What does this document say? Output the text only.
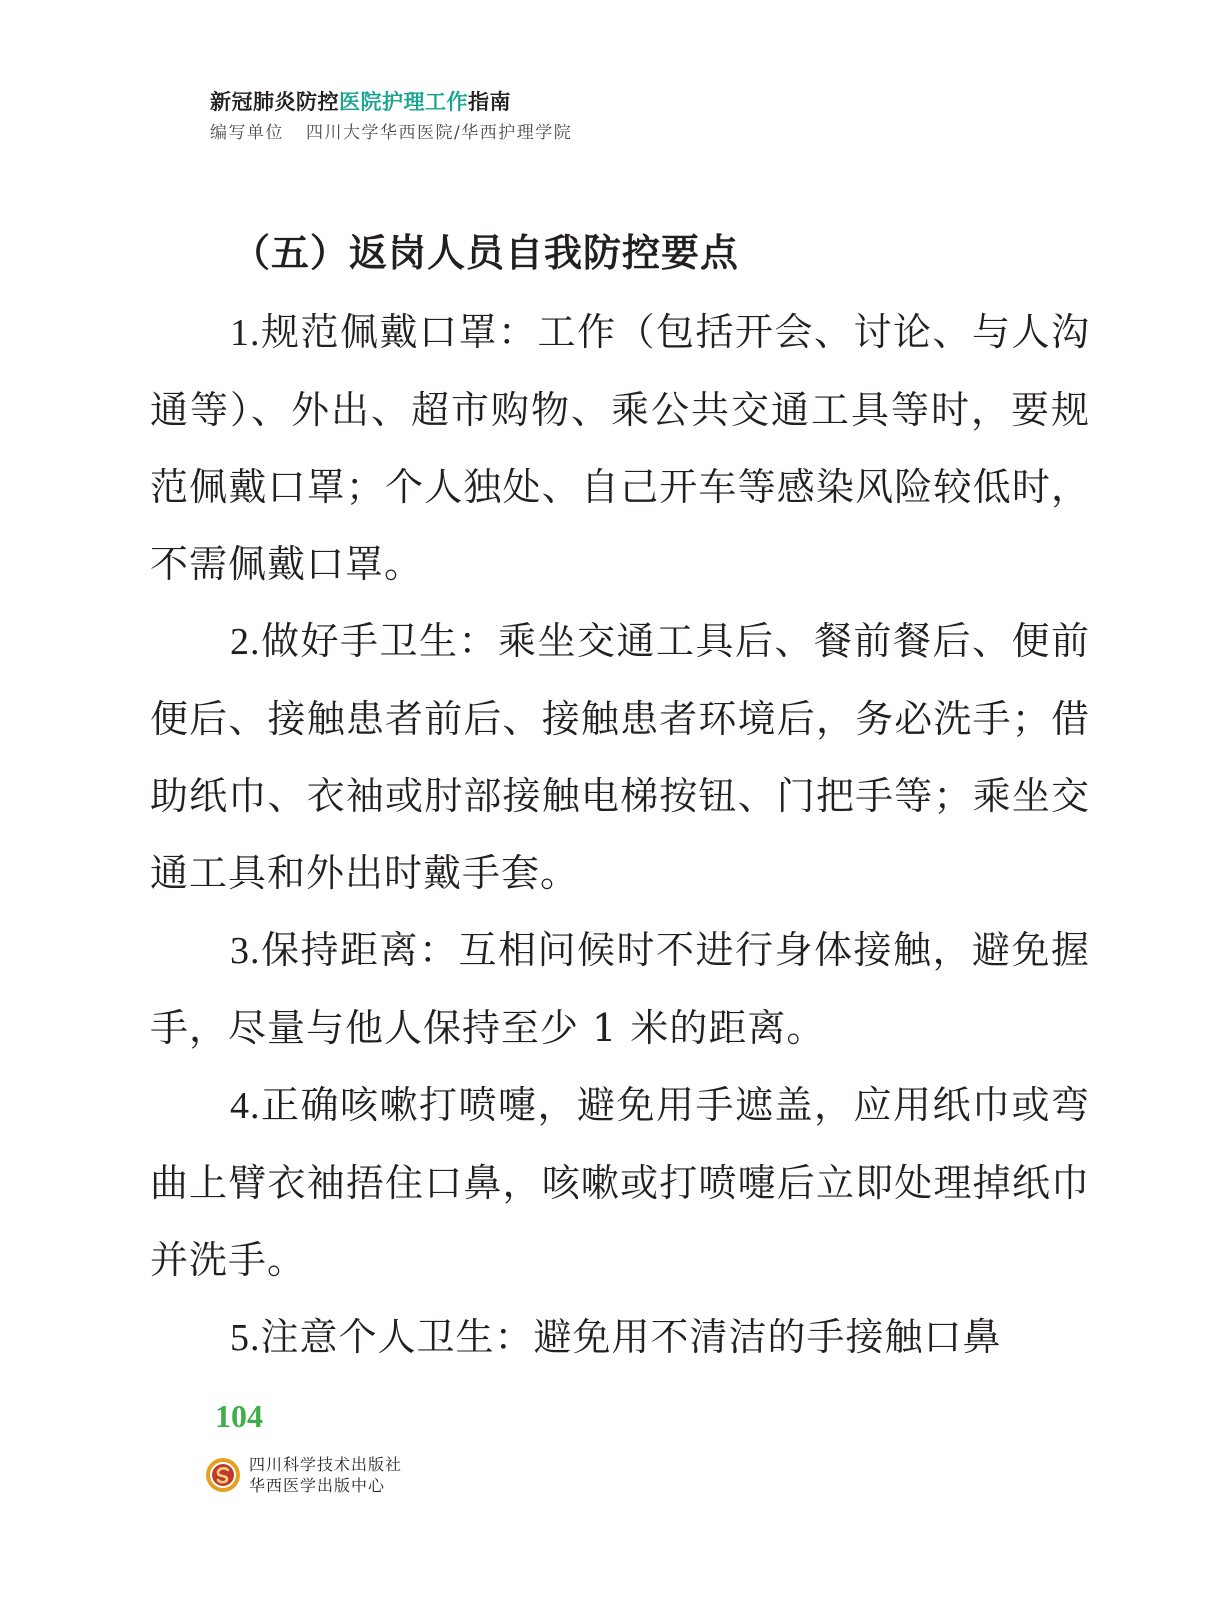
新冠肺炎防控医院护理工作指南
编写单位 四川大学华西医院/华西护理学院
（五）返岗人员自我防控要点

1.规范佩戴口罩：工作（包括开会、讨论、与人沟通等）、外出、超市购物、乘公共交通工具等时，要规范佩戴口罩；个人独处、自己开车等感染风险较低时，不需佩戴口罩。

2.做好手卫生：乘坐交通工具后、餐前餐后、便前便后、接触患者前后、接触患者环境后，务必洗手；借助纸巾、衣袖或肘部接触电梯按钮、门把手等；乘坐交通工具和外出时戴手套。

3.保持距离：互相问候时不进行身体接触，避免握手，尽量与他人保持至少 1 米的距离。

4.正确咳嗽打喷嚏，避免用手遮盖，应用纸巾或弯曲上臂衣袖捂住口鼻，咳嗽或打喷嚏后立即处理掉纸巾并洗手。

5.注意个人卫生：避免用不清洁的手接触口鼻

104
四川科学技术出版社
华西医学出版中心
